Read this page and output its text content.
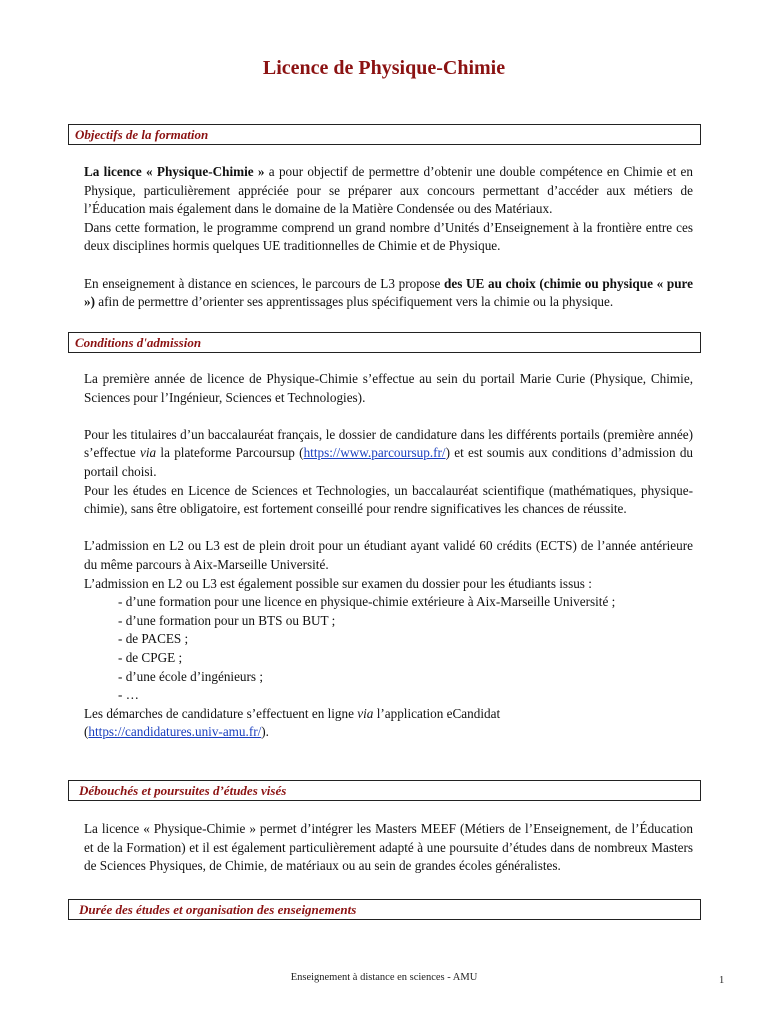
Licence de Physique-Chimie
Objectifs de la formation

La licence « Physique-Chimie » a pour objectif de permettre d’obtenir une double compétence en Chimie et en Physique, particulièrement appréciée pour se préparer aux concours permettant d’accéder aux métiers de l’Éducation mais également dans le domaine de la Matière Condensée ou des Matériaux.

Dans cette formation, le programme comprend un grand nombre d’Unités d’Enseignement à la frontière entre ces deux disciplines hormis quelques UE traditionnelles de Chimie et de Physique.

En enseignement à distance en sciences, le parcours de L3 propose des UE au choix (chimie ou physique « pure ») afin de permettre d’orienter ses apprentissages plus spécifiquement vers la chimie ou la physique.

Conditions d'admission

La première année de licence de Physique-Chimie s’effectue au sein du portail Marie Curie (Physique, Chimie, Sciences pour l’Ingénieur, Sciences et Technologies).

Pour les titulaires d’un baccalauréat français, le dossier de candidature dans les différents portails (première année) s’effectue via la plateforme Parcoursup (https://www.parcoursup.fr/) et est soumis aux conditions d’admission du portail choisi.

Pour les études en Licence de Sciences et Technologies, un baccalauréat scientifique (mathématiques, physique-chimie), sans être obligatoire, est fortement conseillé pour rendre significatives les chances de réussite.

L’admission en L2 ou L3 est de plein droit pour un étudiant ayant validé 60 crédits (ECTS) de l’année antérieure du même parcours à Aix-Marseille Université.

L’admission en L2 ou L3 est également possible sur examen du dossier pour les étudiants issus :

- d’une formation pour une licence en physique-chimie extérieure à Aix-Marseille Université ;

- d’une formation pour un BTS ou BUT ;

- de PACES ;

- de CPGE ;

- d’une école d’ingénieurs ;

- …

Les démarches de candidature s’effectuent en ligne via l’application eCandidat
(https://candidatures.univ-amu.fr/).

Débouchés et poursuites d’études visés

La licence « Physique-Chimie » permet d’intégrer les Masters MEEF (Métiers de l’Enseignement, de l’Éducation et de la Formation) et il est également particulièrement adapté à une poursuite d’études dans de nombreux Masters de Sciences Physiques, de Chimie, de matériaux ou au sein de grandes écoles généralistes.

Durée des études et organisation des enseignements
Enseignement à distance en sciences - AMU	1
